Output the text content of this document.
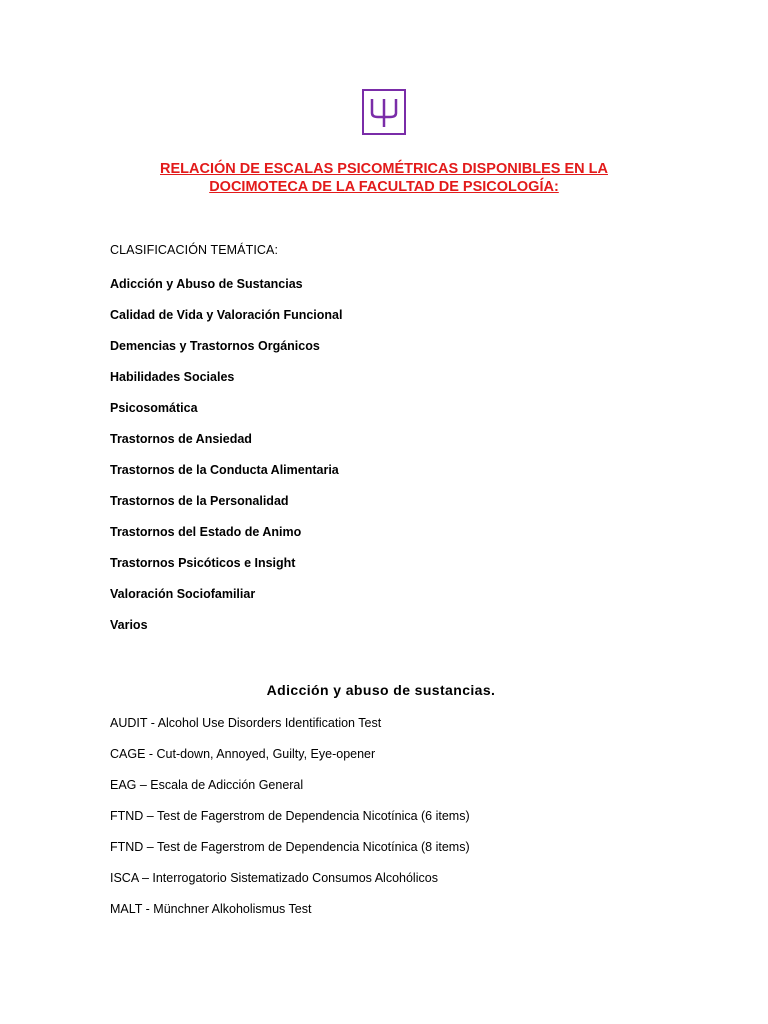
RELACIÓN DE ESCALAS PSICOMÉTRICAS DISPONIBLES EN LA
DOCIMOTECA DE LA FACULTAD DE PSICOLOGÍA:
CLASIFICACIÓN TEMÁTICA:
Adicción y Abuso de Sustancias
Calidad de Vida y Valoración Funcional
Demencias y Trastornos Orgánicos
Habilidades Sociales
Psicosomática
Trastornos de Ansiedad
Trastornos de la Conducta Alimentaria
Trastornos de la Personalidad
Trastornos del Estado de Animo
Trastornos Psicóticos e Insight
Valoración Sociofamiliar
Varios
Adicción y abuso de sustancias.
AUDIT - Alcohol Use Disorders Identification Test
CAGE - Cut-down, Annoyed, Guilty, Eye-opener
EAG – Escala de Adicción General
FTND – Test de Fagerstrom de Dependencia Nicotínica (6 items)
FTND – Test de Fagerstrom de Dependencia Nicotínica (8 items)
ISCA – Interrogatorio Sistematizado Consumos Alcohólicos
MALT - Münchner Alkoholismus Test
